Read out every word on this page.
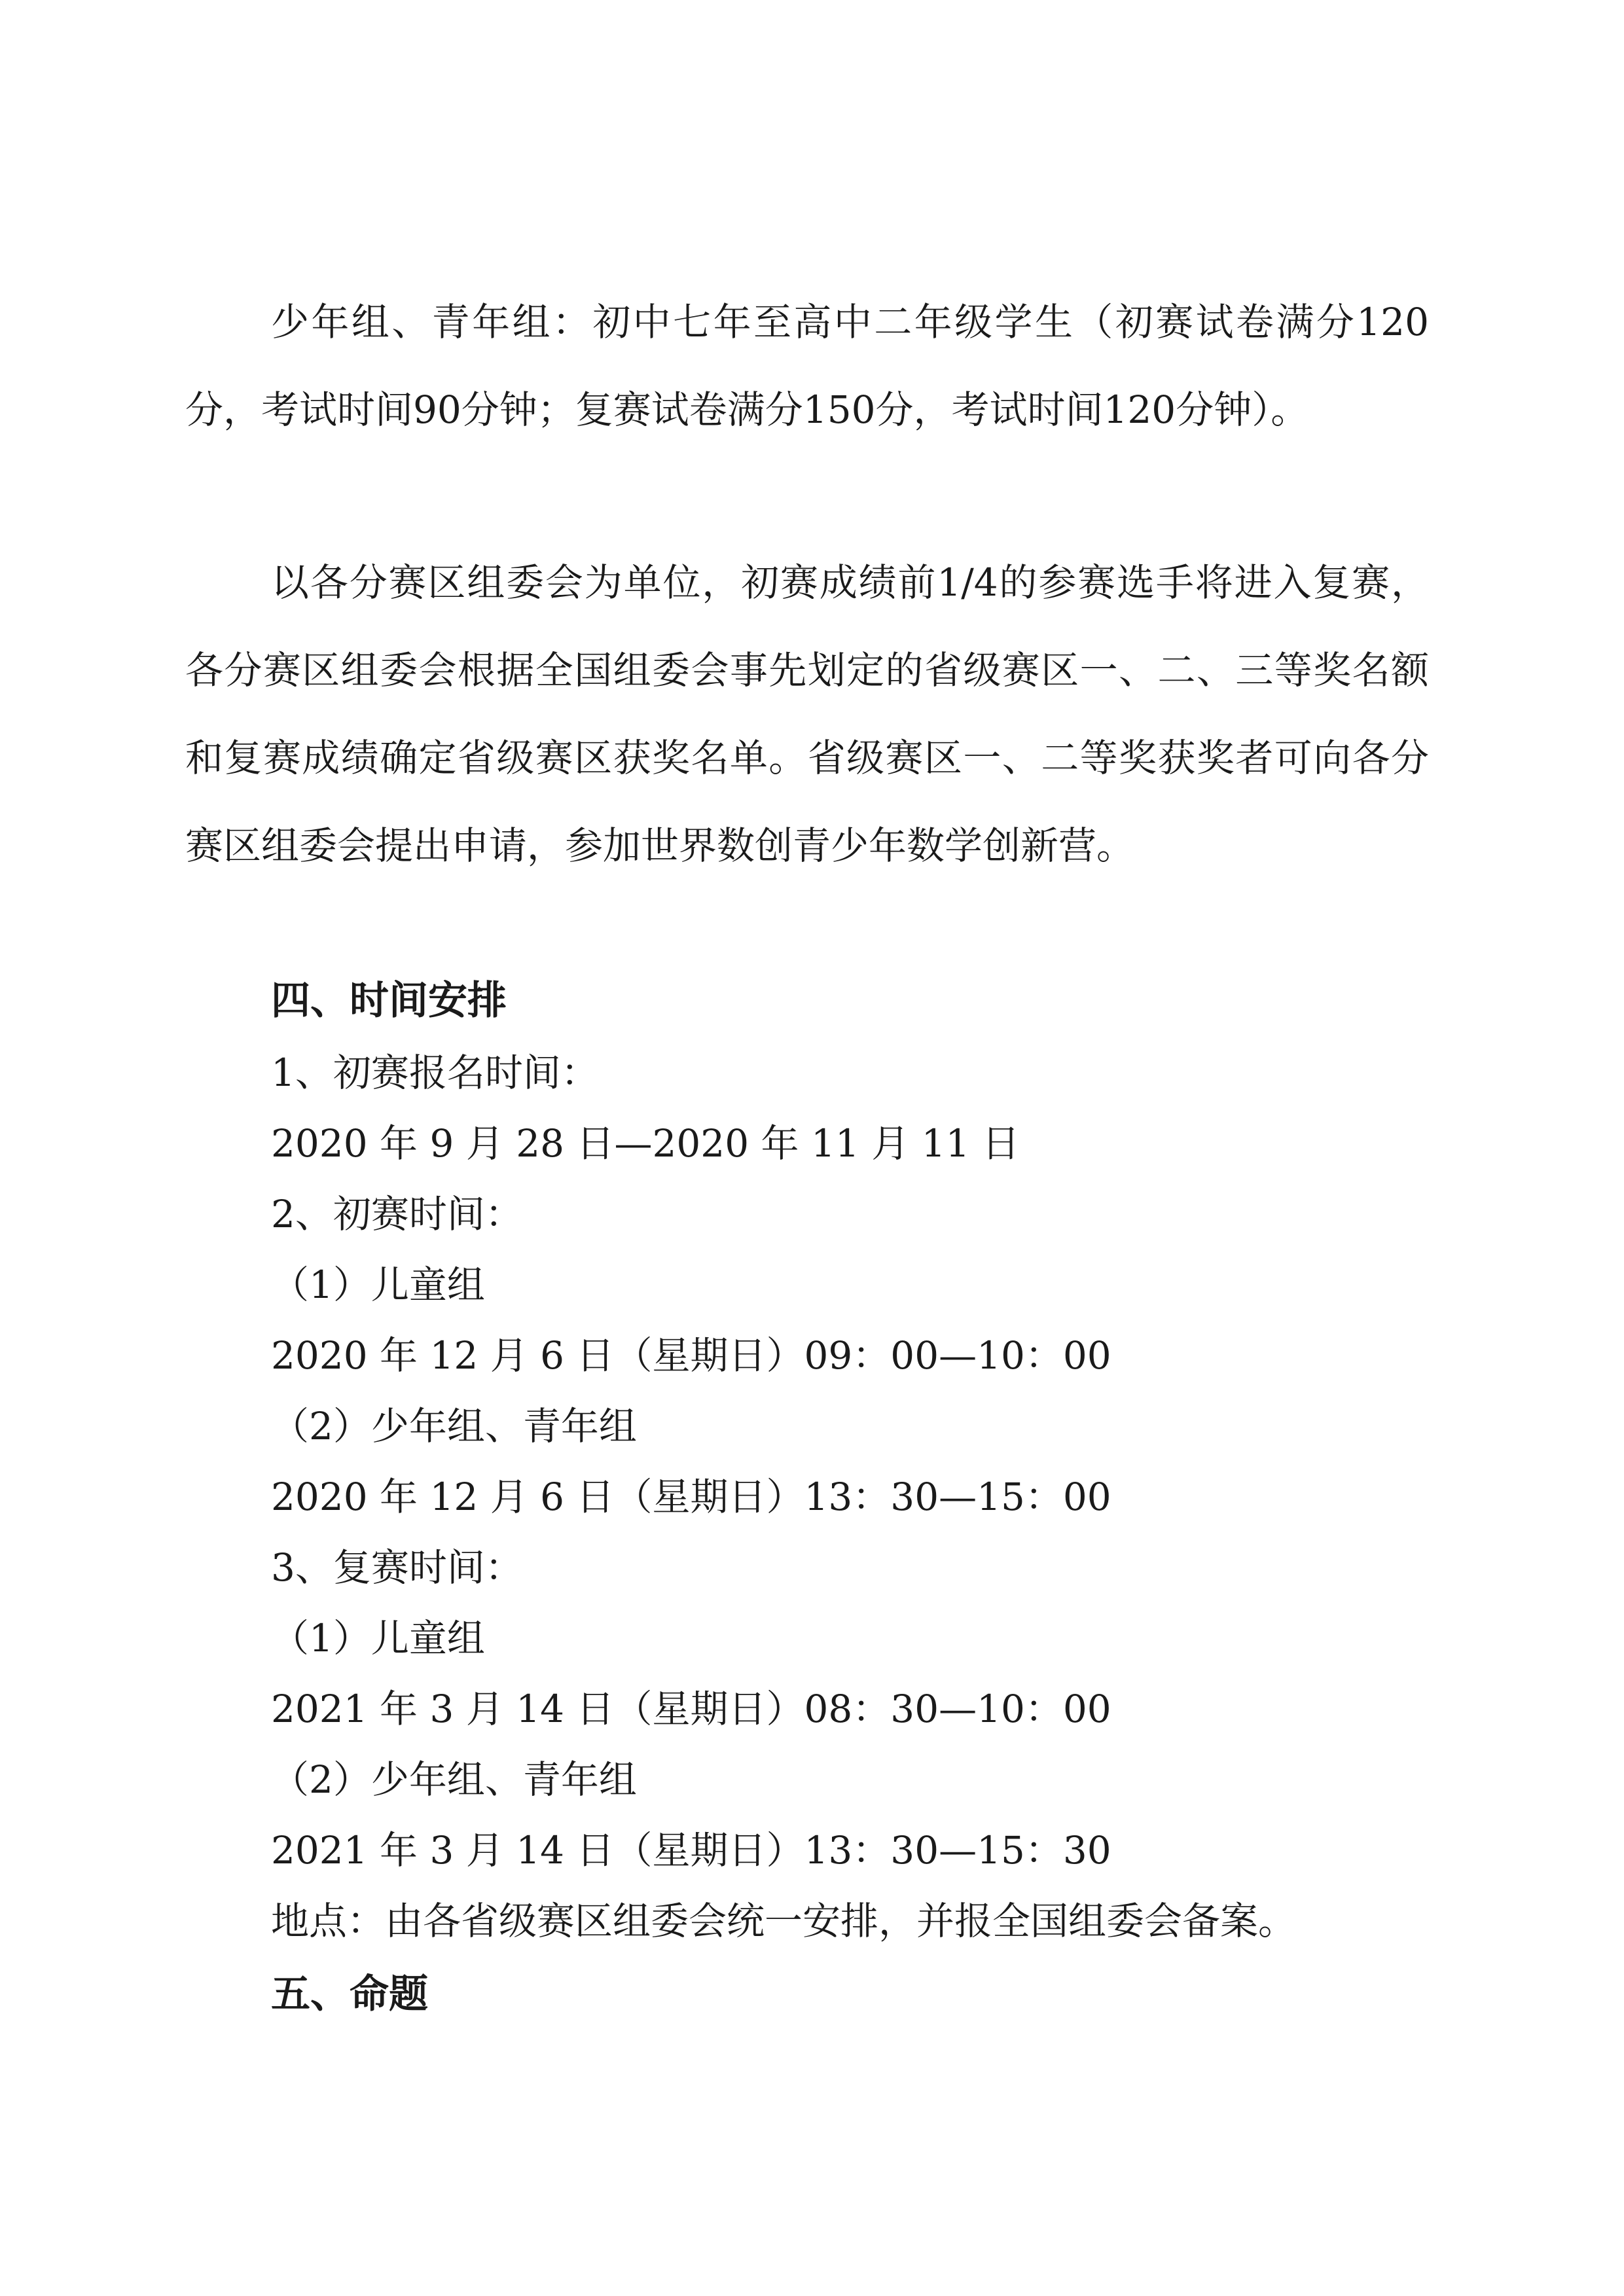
少年组、青年组：初中七年至高中二年级学生（初赛试卷满分120分，考试时间90分钟；复赛试卷满分150分，考试时间120分钟）。

以各分赛区组委会为单位，初赛成绩前1/4的参赛选手将进入复赛，各分赛区组委会根据全国组委会事先划定的省级赛区一、二、三等奖名额和复赛成绩确定省级赛区获奖名单。省级赛区一、二等奖获奖者可向各分赛区组委会提出申请，参加世界数创青少年数学创新营。

四、时间安排

1、初赛报名时间：

2020 年 9 月 28 日—2020 年 11 月 11 日

2、初赛时间：

（1）儿童组

2020 年 12 月 6 日（星期日）09：00—10：00

（2）少年组、青年组

2020 年 12 月 6 日（星期日）13：30—15：00

3、复赛时间：

（1）儿童组

2021 年 3 月 14 日（星期日）08：30—10：00

（2）少年组、青年组

2021 年 3 月 14 日（星期日）13：30—15：30

地点：由各省级赛区组委会统一安排，并报全国组委会备案。

五、命题
